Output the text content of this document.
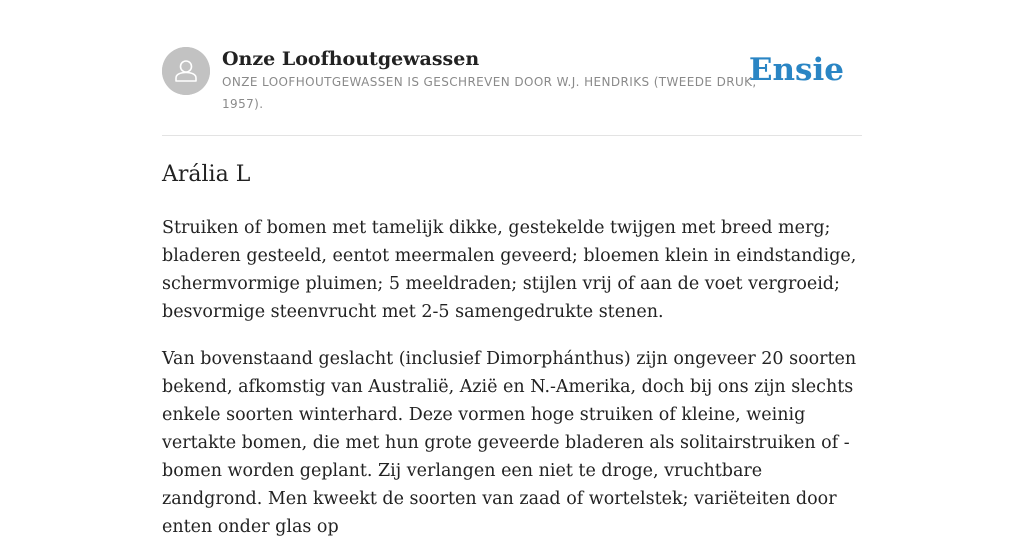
Onze Loofhoutgewassen

ONZE LOOFHOUTGEWASSEN IS GESCHREVEN DOOR W.J. HENDRIKS (TWEEDE DRUK, 1957).

Ensie
Arália L

Struiken of bomen met tamelijk dikke, gestekelde twijgen met breed merg; bladeren gesteeld, eentot meermalen geveerd; bloemen klein in eindstandige, schermvormige pluimen; 5 meeldraden; stijlen vrij of aan de voet vergroeid; besvormige steenvrucht met 2-5 samengedrukte stenen.

Van bovenstaand geslacht (inclusief Dimorphánthus) zijn ongeveer 20 soorten bekend, afkomstig van Australië, Azië en N.-Amerika, doch bij ons zijn slechts enkele soorten winterhard. Deze vormen hoge struiken of kleine, weinig vertakte bomen, die met hun grote geveerde bladeren als solitairstruiken of -bomen worden geplant. Zij verlangen een niet te droge, vruchtbare zandgrond. Men kweekt de soorten van zaad of wortelstek; variëteiten door enten onder glas op
